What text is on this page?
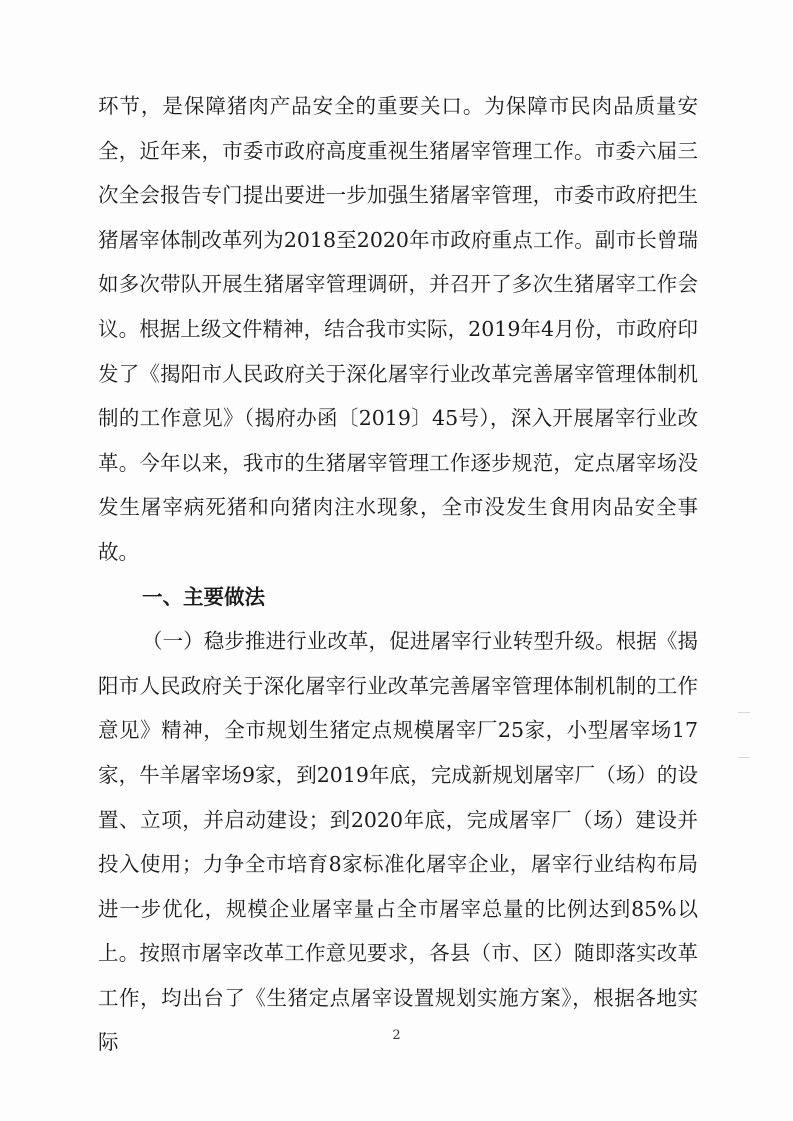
环节，是保障猪肉产品安全的重要关口。为保障市民肉品质量安全，近年来，市委市政府高度重视生猪屠宰管理工作。市委六届三次全会报告专门提出要进一步加强生猪屠宰管理，市委市政府把生猪屠宰体制改革列为2018至2020年市政府重点工作。副市长曾瑞如多次带队开展生猪屠宰管理调研，并召开了多次生猪屠宰工作会议。根据上级文件精神，结合我市实际，2019年4月份，市政府印发了《揭阳市人民政府关于深化屠宰行业改革完善屠宰管理体制机制的工作意见》（揭府办函〔2019〕45号），深入开展屠宰行业改革。今年以来，我市的生猪屠宰管理工作逐步规范，定点屠宰场没发生屠宰病死猪和向猪肉注水现象，全市没发生食用肉品安全事故。

一、主要做法

（一）稳步推进行业改革，促进屠宰行业转型升级。根据《揭阳市人民政府关于深化屠宰行业改革完善屠宰管理体制机制的工作意见》精神，全市规划生猪定点规模屠宰厂25家，小型屠宰场17家，牛羊屠宰场9家，到2019年底，完成新规划屠宰厂（场）的设置、立项，并启动建设；到2020年底，完成屠宰厂（场）建设并投入使用；力争全市培育8家标准化屠宰企业，屠宰行业结构布局进一步优化，规模企业屠宰量占全市屠宰总量的比例达到85%以上。按照市屠宰改革工作意见要求，各县（市、区）随即落实改革工作，均出台了《生猪定点屠宰设置规划实施方案》，根据各地实际	2
